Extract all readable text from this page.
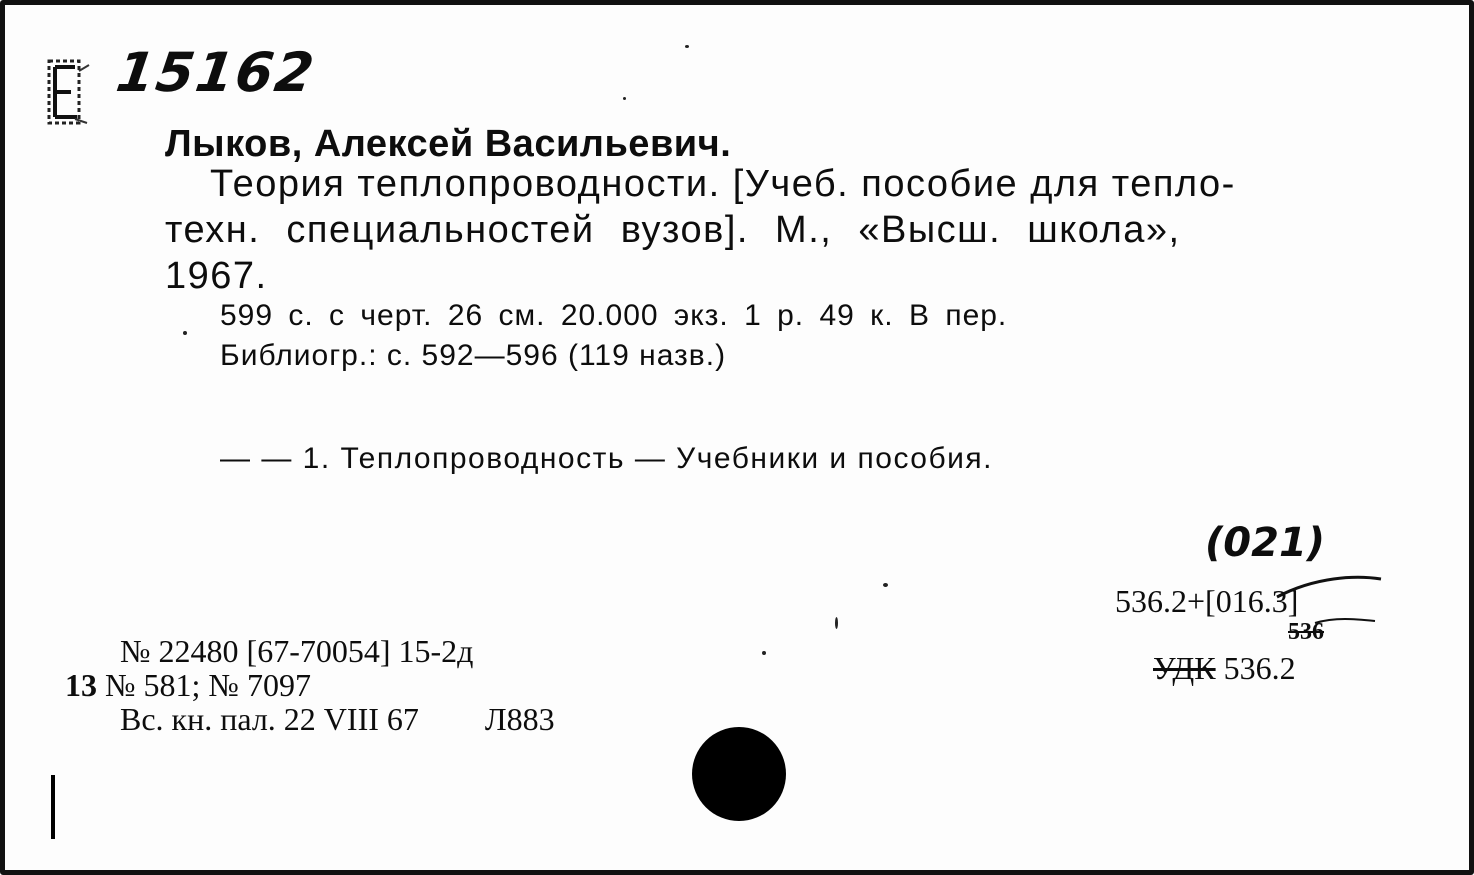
15162
Лыков, Алексей Васильевич.
Теория теплопроводности. [Учеб. пособие для тепло-
техн. специальностей вузов]. М., «Высш. школа»,
1967.
599 с. с черт. 26 см. 20.000 экз. 1 р. 49 к. В пер.
Библиогр.: с. 592—596 (119 назв.)
— — 1. Теплопроводность — Учебники и пособия.
(021)
536.2+[016.3]
536
УДК 536.2
№ 22480 [67-70054] 15-2д
13 № 581; № 7097
Вс. кн. пал. 22 VIII 67 Л883
